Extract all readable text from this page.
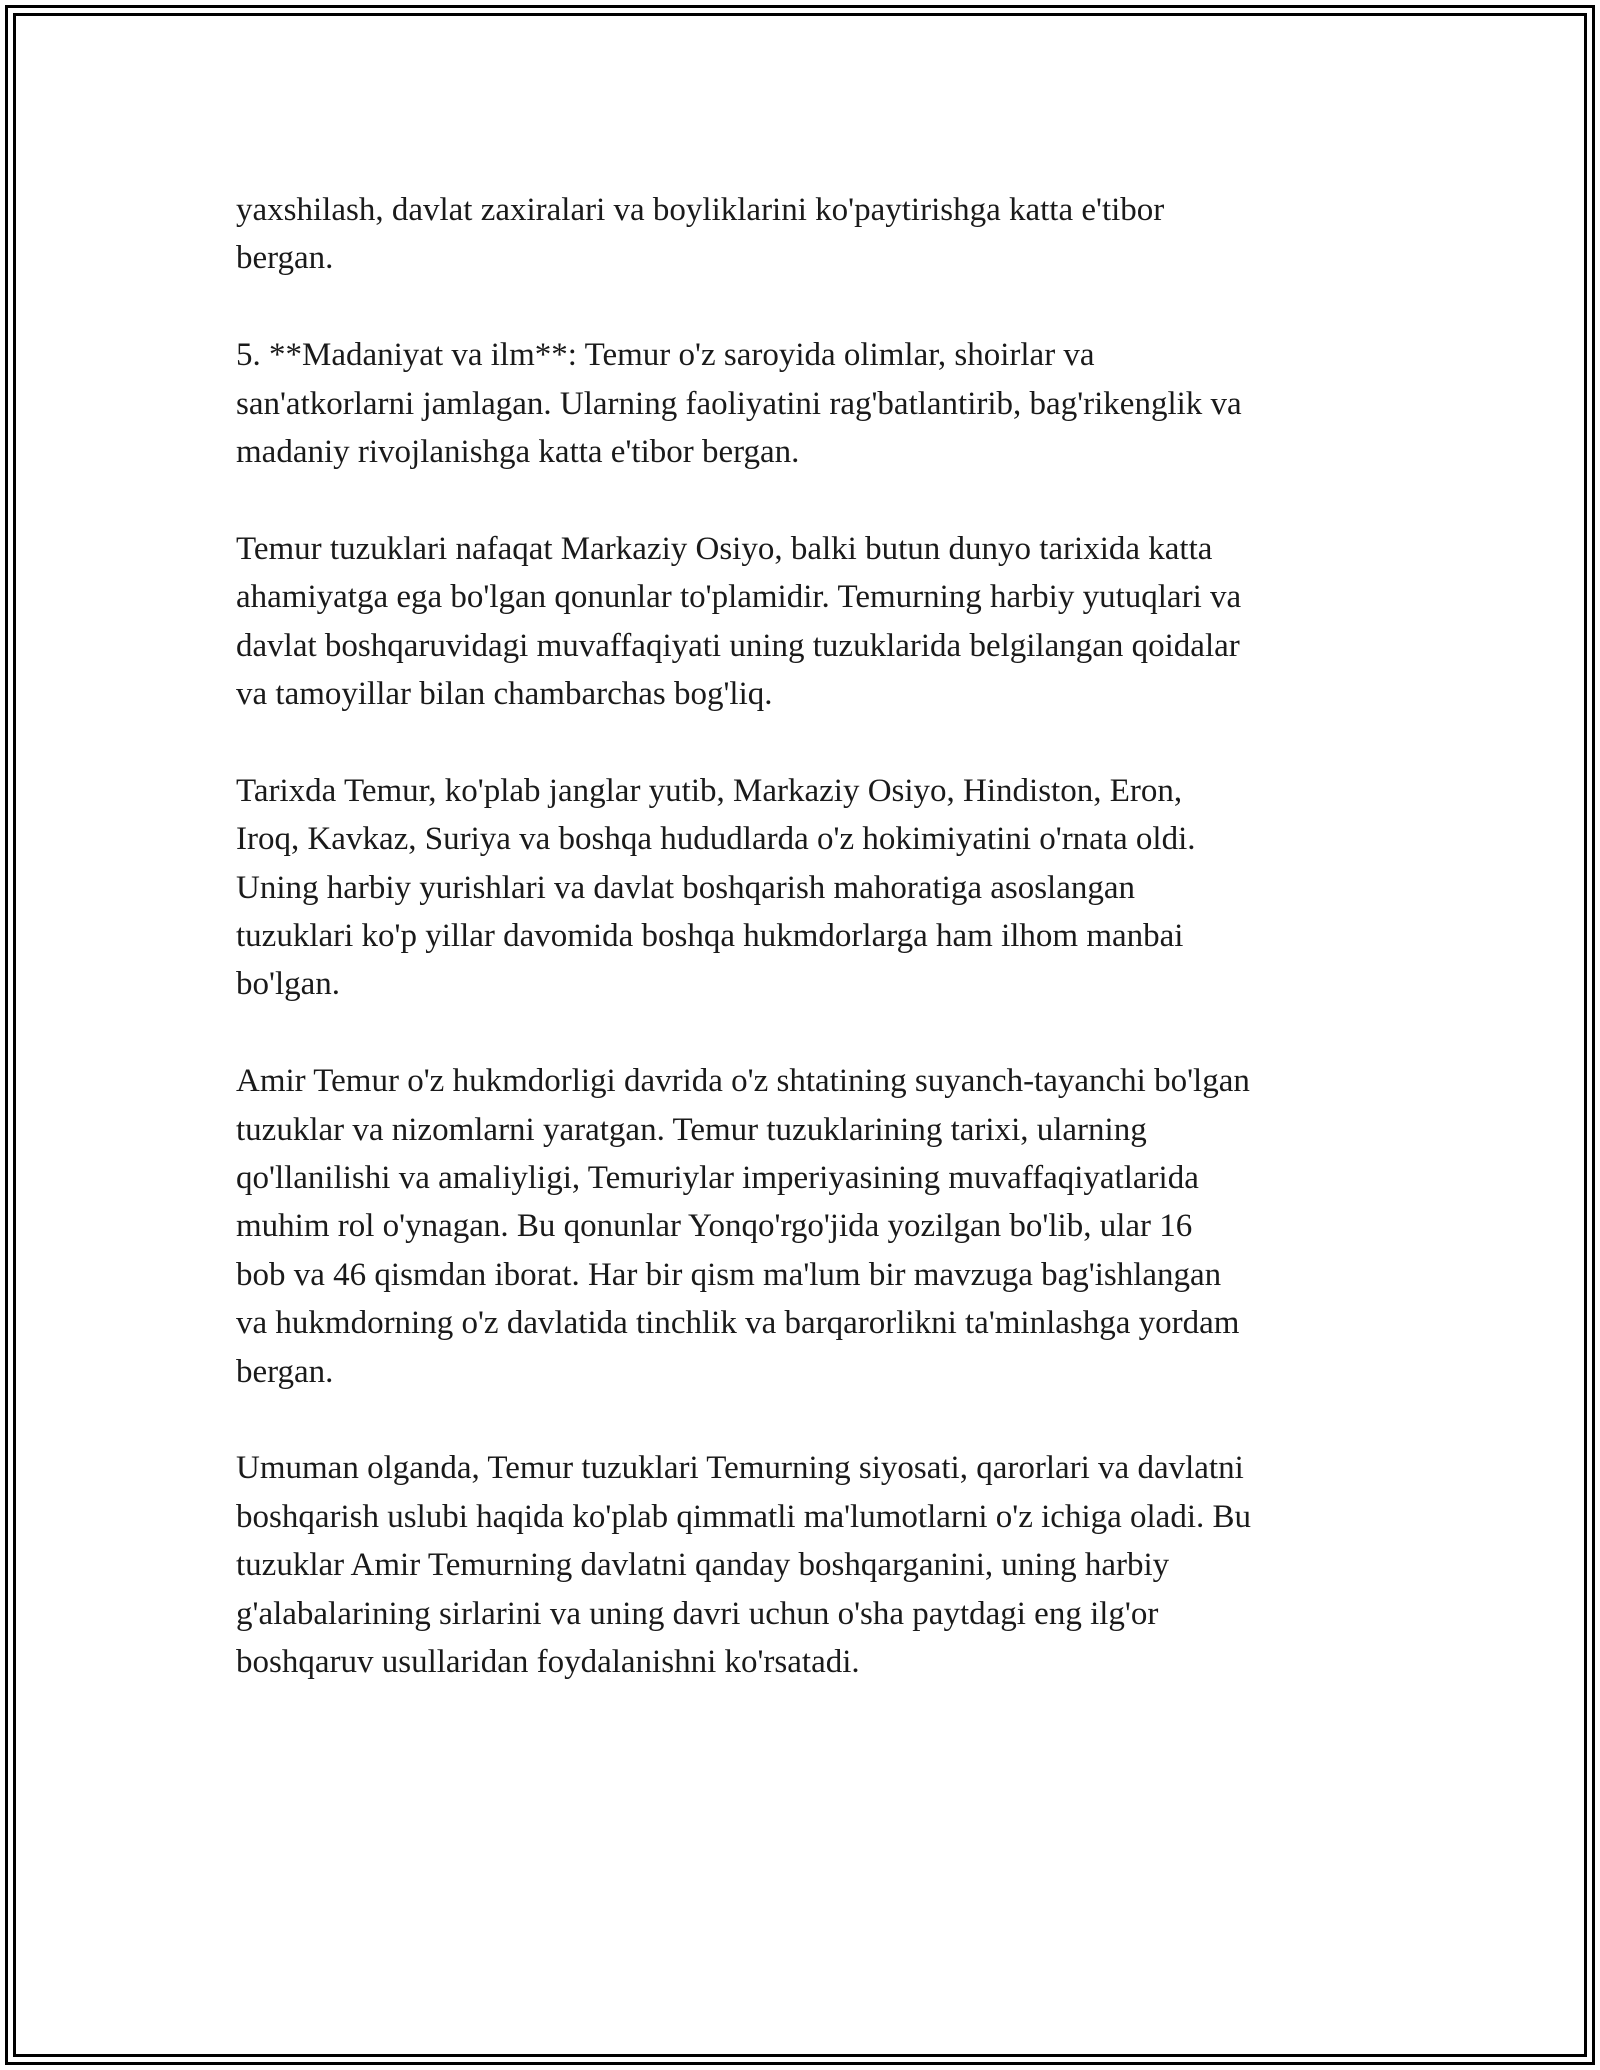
yaxshilash, davlat zaxiralari va boyliklarini ko'paytirishga katta e'tibor
bergan.
5. **Madaniyat va ilm**: Temur o'z saroyida olimlar, shoirlar va
san'atkorlarni jamlagan. Ularning faoliyatini rag'batlantirib, bag'rikenglik va
madaniy rivojlanishga katta e'tibor bergan.
Temur tuzuklari nafaqat Markaziy Osiyo, balki butun dunyo tarixida katta
ahamiyatga ega bo'lgan qonunlar to'plamidir. Temurning harbiy yutuqlari va
davlat boshqaruvidagi muvaffaqiyati uning tuzuklarida belgilangan qoidalar
va tamoyillar bilan chambarchas bog'liq.
Tarixda Temur, ko'plab janglar yutib, Markaziy Osiyo, Hindiston, Eron,
Iroq, Kavkaz, Suriya va boshqa hududlarda o'z hokimiyatini o'rnata oldi.
Uning harbiy yurishlari va davlat boshqarish mahoratiga asoslangan
tuzuklari ko'p yillar davomida boshqa hukmdorlarga ham ilhom manbai
bo'lgan.
Amir Temur o'z hukmdorligi davrida o'z shtatining suyanch-tayanchi bo'lgan
tuzuklar va nizomlarni yaratgan. Temur tuzuklarining tarixi, ularning
qo'llanilishi va amaliyligi, Temuriylar imperiyasining muvaffaqiyatlarida
muhim rol o'ynagan. Bu qonunlar Yonqo'rgo'jida yozilgan bo'lib, ular 16
bob va 46 qismdan iborat. Har bir qism ma'lum bir mavzuga bag'ishlangan
va hukmdorning o'z davlatida tinchlik va barqarorlikni ta'minlashga yordam
bergan.
Umuman olganda, Temur tuzuklari Temurning siyosati, qarorlari va davlatni
boshqarish uslubi haqida ko'plab qimmatli ma'lumotlarni o'z ichiga oladi. Bu
tuzuklar Amir Temurning davlatni qanday boshqarganini, uning harbiy
g'alabalarining sirlarini va uning davri uchun o'sha paytdagi eng ilg'or
boshqaruv usullaridan foydalanishni ko'rsatadi.
